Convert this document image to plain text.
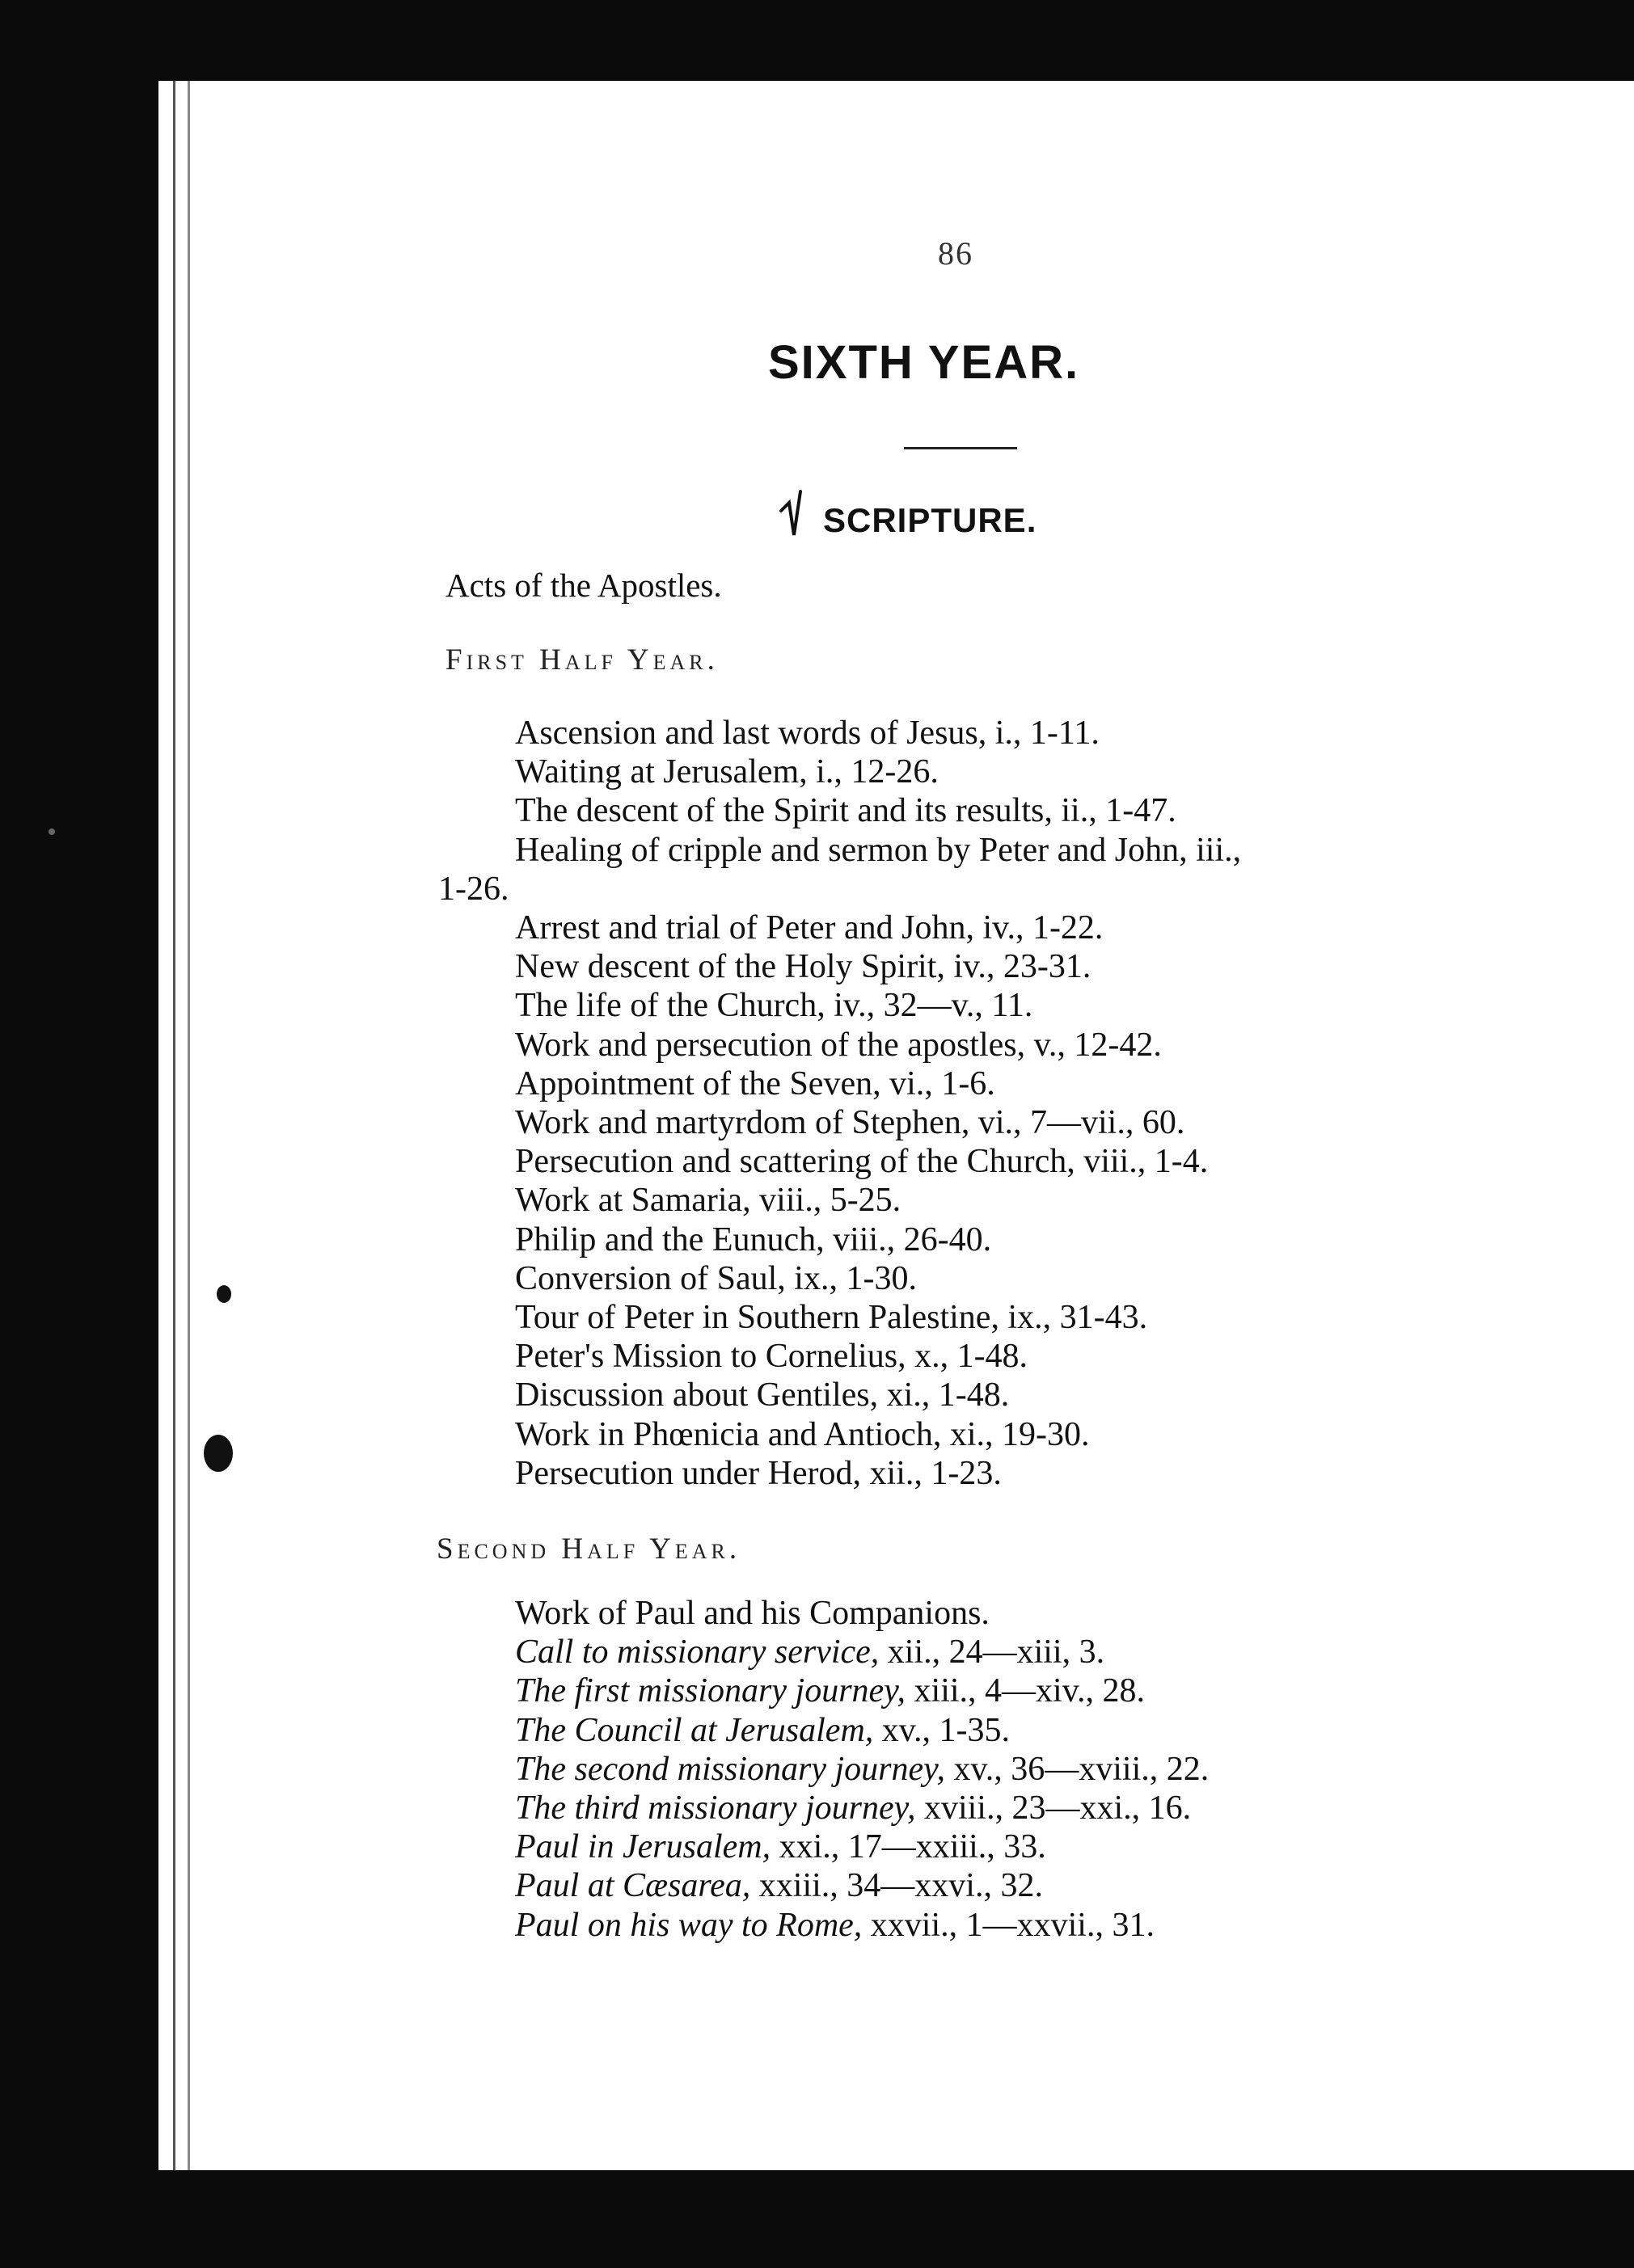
86
SIXTH YEAR.
SCRIPTURE.
Acts of the Apostles.
First Half Year.
Ascension and last words of Jesus, i., 1-11.
Waiting at Jerusalem, i., 12-26.
The descent of the Spirit and its results, ii., 1-47.
Healing of cripple and sermon by Peter and John, iii.,
1-26.
Arrest and trial of Peter and John, iv., 1-22.
New descent of the Holy Spirit, iv., 23-31.
The life of the Church, iv., 32—v., 11.
Work and persecution of the apostles, v., 12-42.
Appointment of the Seven, vi., 1-6.
Work and martyrdom of Stephen, vi., 7—vii., 60.
Persecution and scattering of the Church, viii., 1-4.
Work at Samaria, viii., 5-25.
Philip and the Eunuch, viii., 26-40.
Conversion of Saul, ix., 1-30.
Tour of Peter in Southern Palestine, ix., 31-43.
Peter's Mission to Cornelius, x., 1-48.
Discussion about Gentiles, xi., 1-48.
Work in Phœnicia and Antioch, xi., 19-30.
Persecution under Herod, xii., 1-23.
Second Half Year.
Work of Paul and his Companions.
Call to missionary service, xii., 24—xiii, 3.
The first missionary journey, xiii., 4—xiv., 28.
The Council at Jerusalem, xv., 1-35.
The second missionary journey, xv., 36—xviii., 22.
The third missionary journey, xviii., 23—xxi., 16.
Paul in Jerusalem, xxi., 17—xxiii., 33.
Paul at Cæsarea, xxiii., 34—xxvi., 32.
Paul on his way to Rome, xxvii., 1—xxvii., 31.
